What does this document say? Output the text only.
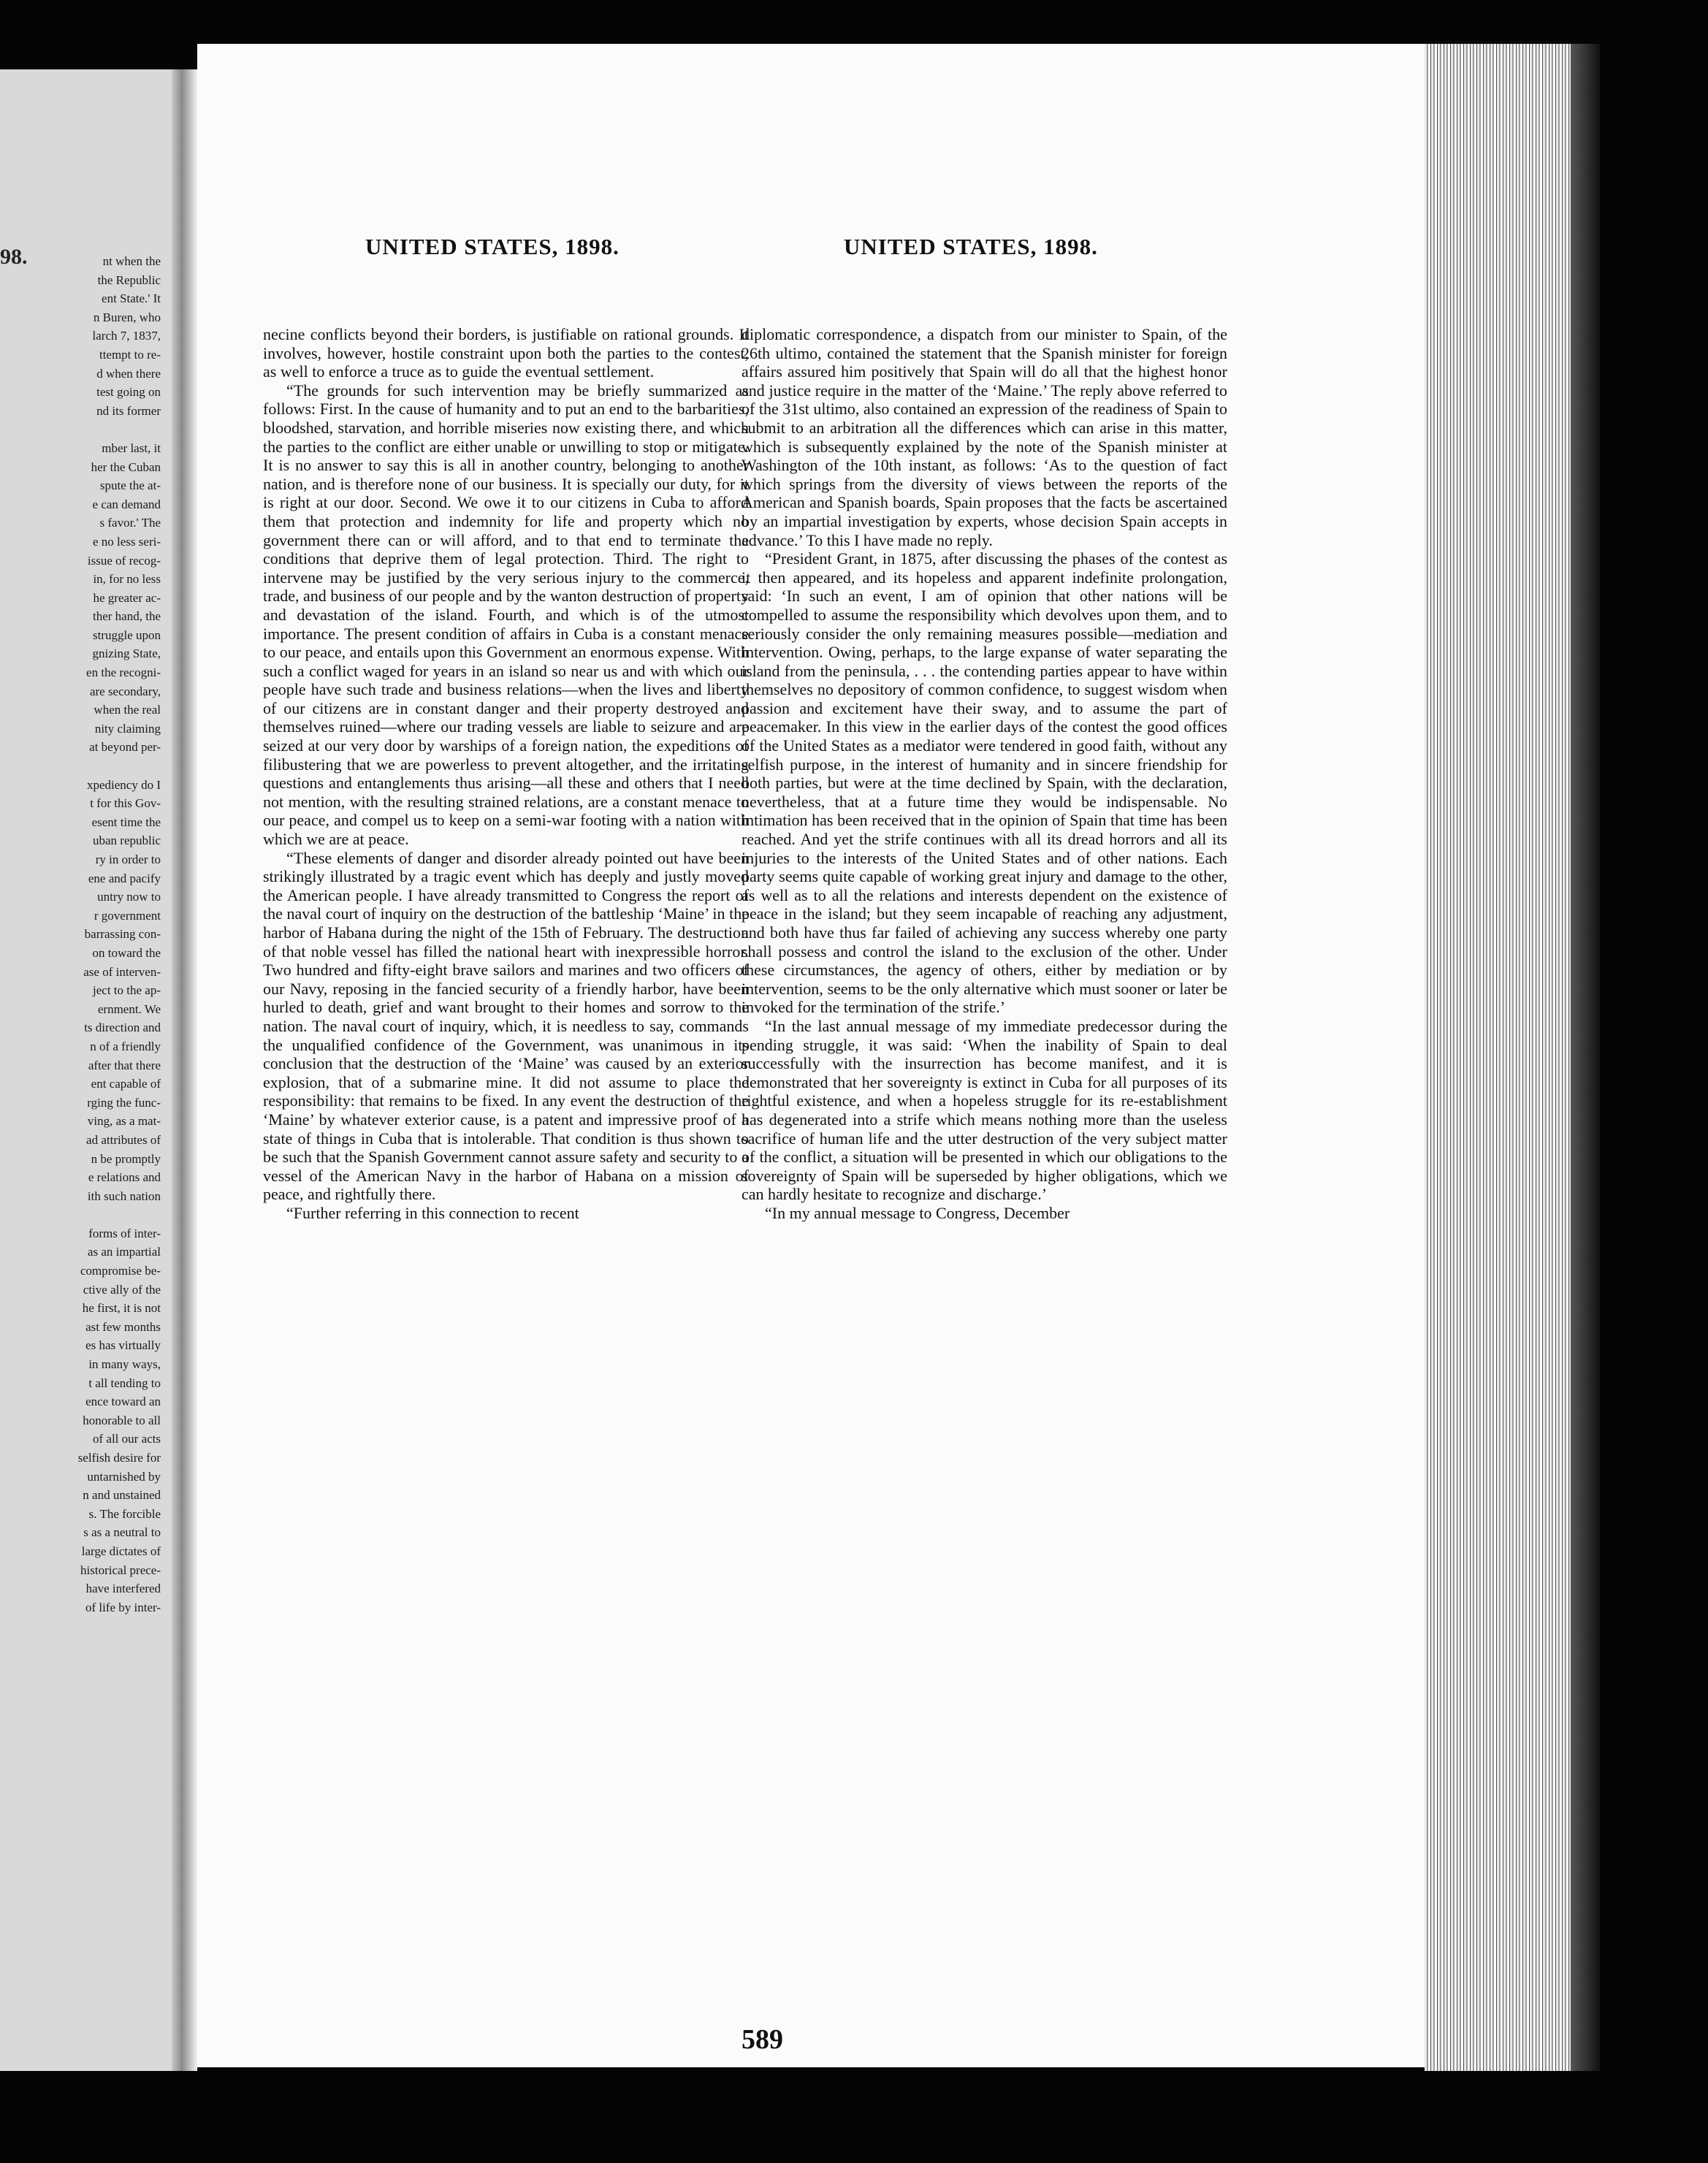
98.	nt when the
the Republic
ent State.' It
n Buren, who
larch 7, 1837,
ttempt to re-
d when there
test going on
nd its former

mber last, it
her the Cuban
spute the at-
e can demand
s favor.' The
e no less seri-
issue of recog-
in, for no less
he greater ac-
ther hand, the
struggle upon
gnizing State,
en the recogni-
are secondary,
when the real
nity claiming
at beyond per-

xpediency do I
t for this Gov-
esent time the
uban republic
ry in order to
ene and pacify
untry now to
r government
barrassing con-
on toward the
ase of interven-
ject to the ap-
ernment. We
ts direction and
n of a friendly
after that there
ent capable of
rging the func-
ving, as a mat-
ad attributes of
n be promptly
e relations and
ith such nation

forms of inter-
as an impartial
compromise be-
ctive ally of the
he first, it is not
ast few months
es has virtually
in many ways,
t all tending to
ence toward an
honorable to all
of all our acts
selfish desire for
untarnished by
n and unstained
s. The forcible
s as a neutral to
large dictates of
historical prece-
have interfered
of life by inter-
UNITED STATES, 1898.	UNITED STATES, 1898.

necine conflicts beyond their borders, is justifiable on rational grounds. It involves, however, hostile constraint upon both the parties to the contest, as well to enforce a truce as to guide the eventual settlement.

“The grounds for such intervention may be briefly summarized as follows: First. In the cause of humanity and to put an end to the barbarities, bloodshed, starvation, and horrible miseries now existing there, and which the parties to the conflict are either unable or unwilling to stop or mitigate. It is no answer to say this is all in another country, belonging to another nation, and is therefore none of our business. It is specially our duty, for it is right at our door. Second. We owe it to our citizens in Cuba to afford them that protection and indemnity for life and property which no government there can or will afford, and to that end to terminate the conditions that deprive them of legal protection. Third. The right to intervene may be justified by the very serious injury to the commerce, trade, and business of our people and by the wanton destruction of property and devastation of the island. Fourth, and which is of the utmost importance. The present condition of affairs in Cuba is a constant menace to our peace, and entails upon this Government an enormous expense. With such a conflict waged for years in an island so near us and with which our people have such trade and business relations—when the lives and liberty of our citizens are in constant danger and their property destroyed and themselves ruined—where our trading vessels are liable to seizure and are seized at our very door by warships of a foreign nation, the expeditions of filibustering that we are powerless to prevent altogether, and the irritating questions and entanglements thus arising—all these and others that I need not mention, with the resulting strained relations, are a constant menace to our peace, and compel us to keep on a semi-war footing with a nation with which we are at peace.

“These elements of danger and disorder already pointed out have been strikingly illustrated by a tragic event which has deeply and justly moved the American people. I have already transmitted to Congress the report of the naval court of inquiry on the destruction of the battleship ‘Maine’ in the harbor of Habana during the night of the 15th of February. The destruction of that noble vessel has filled the national heart with inexpressible horror. Two hundred and fifty-eight brave sailors and marines and two officers of our Navy, reposing in the fancied security of a friendly harbor, have been hurled to death, grief and want brought to their homes and sorrow to the nation. The naval court of inquiry, which, it is needless to say, commands the unqualified confidence of the Government, was unanimous in its conclusion that the destruction of the ‘Maine’ was caused by an exterior explosion, that of a submarine mine. It did not assume to place the responsibility: that remains to be fixed. In any event the destruction of the ‘Maine’ by whatever exterior cause, is a patent and impressive proof of a state of things in Cuba that is intolerable. That condition is thus shown to be such that the Spanish Government cannot assure safety and security to a vessel of the American Navy in the harbor of Habana on a mission of peace, and rightfully there.

“Further referring in this connection to recent

diplomatic correspondence, a dispatch from our minister to Spain, of the 26th ultimo, contained the statement that the Spanish minister for foreign affairs assured him positively that Spain will do all that the highest honor and justice require in the matter of the ‘Maine.’ The reply above referred to of the 31st ultimo, also contained an expression of the readiness of Spain to submit to an arbitration all the differences which can arise in this matter, which is subsequently explained by the note of the Spanish minister at Washington of the 10th instant, as follows: ‘As to the question of fact which springs from the diversity of views between the reports of the American and Spanish boards, Spain proposes that the facts be ascertained by an impartial investigation by experts, whose decision Spain accepts in advance.’ To this I have made no reply.

“President Grant, in 1875, after discussing the phases of the contest as it then appeared, and its hopeless and apparent indefinite prolongation, said: ‘In such an event, I am of opinion that other nations will be compelled to assume the responsibility which devolves upon them, and to seriously consider the only remaining measures possible—mediation and intervention. Owing, perhaps, to the large expanse of water separating the island from the peninsula, . . . the contending parties appear to have within themselves no depository of common confidence, to suggest wisdom when passion and excitement have their sway, and to assume the part of peacemaker. In this view in the earlier days of the contest the good offices of the United States as a mediator were tendered in good faith, without any selfish purpose, in the interest of humanity and in sincere friendship for both parties, but were at the time declined by Spain, with the declaration, nevertheless, that at a future time they would be indispensable. No intimation has been received that in the opinion of Spain that time has been reached. And yet the strife continues with all its dread horrors and all its injuries to the interests of the United States and of other nations. Each party seems quite capable of working great injury and damage to the other, as well as to all the relations and interests dependent on the existence of peace in the island; but they seem incapable of reaching any adjustment, and both have thus far failed of achieving any success whereby one party shall possess and control the island to the exclusion of the other. Under these circumstances, the agency of others, either by mediation or by intervention, seems to be the only alternative which must sooner or later be invoked for the termination of the strife.’

“In the last annual message of my immediate predecessor during the pending struggle, it was said: ‘When the inability of Spain to deal successfully with the insurrection has become manifest, and it is demonstrated that her sovereignty is extinct in Cuba for all purposes of its rightful existence, and when a hopeless struggle for its re-establishment has degenerated into a strife which means nothing more than the useless sacrifice of human life and the utter destruction of the very subject matter of the conflict, a situation will be presented in which our obligations to the sovereignty of Spain will be superseded by higher obligations, which we can hardly hesitate to recognize and discharge.’

“In my annual message to Congress, December

589
